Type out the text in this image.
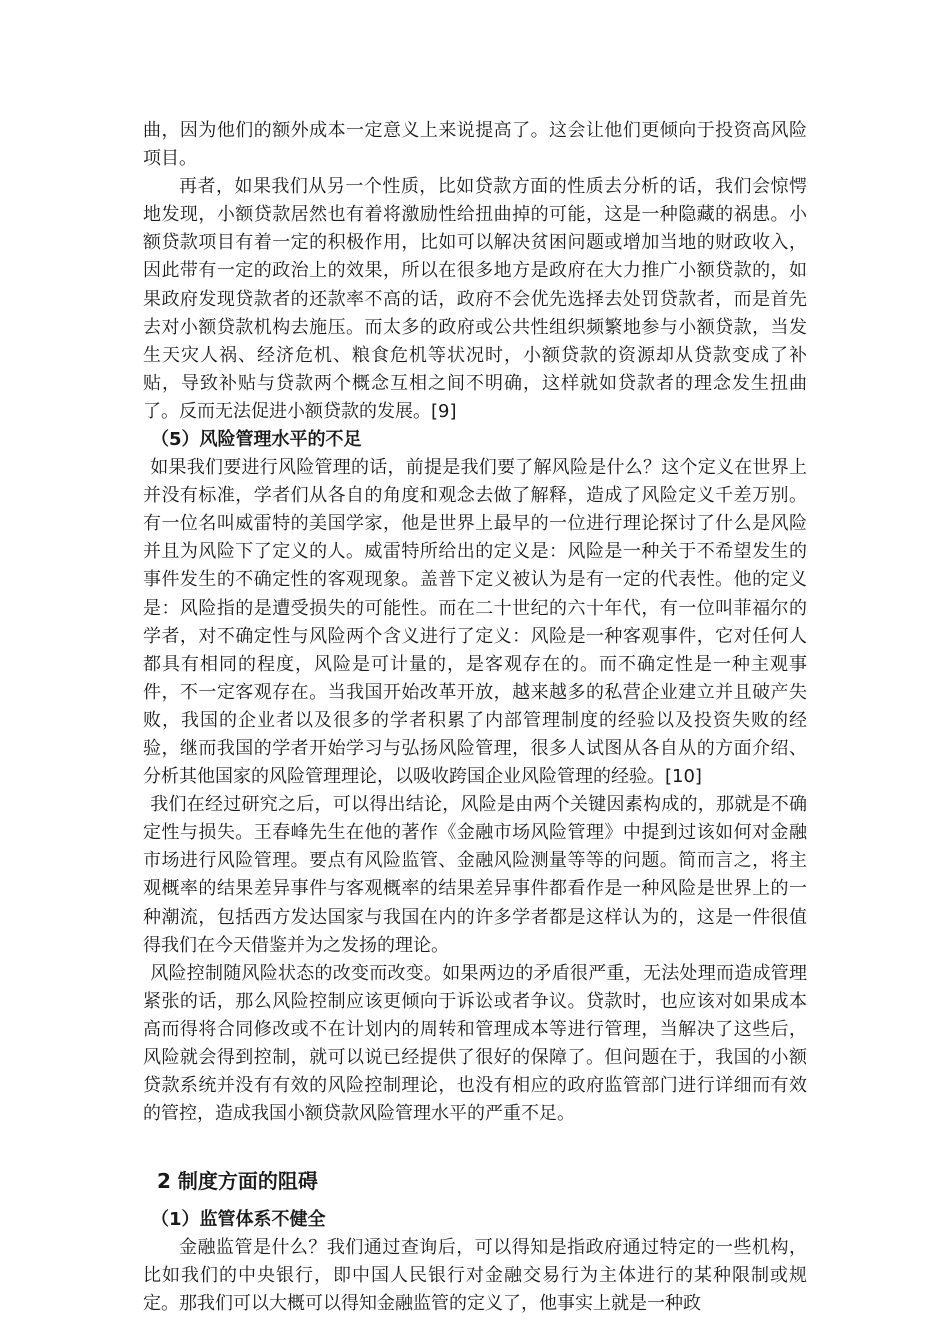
曲，因为他们的额外成本一定意义上来说提高了。这会让他们更倾向于投资高风险项目。

再者，如果我们从另一个性质，比如贷款方面的性质去分析的话，我们会惊愕地发现，小额贷款居然也有着将激励性给扭曲掉的可能，这是一种隐藏的祸患。小额贷款项目有着一定的积极作用，比如可以解决贫困问题或增加当地的财政收入，因此带有一定的政治上的效果，所以在很多地方是政府在大力推广小额贷款的，如果政府发现贷款者的还款率不高的话，政府不会优先选择去处罚贷款者，而是首先去对小额贷款机构去施压。而太多的政府或公共性组织频繁地参与小额贷款，当发生天灾人祸、经济危机、粮食危机等状况时，小额贷款的资源却从贷款变成了补贴，导致补贴与贷款两个概念互相之间不明确，这样就如贷款者的理念发生扭曲了。反而无法促进小额贷款的发展。[9]

（5）风险管理水平的不足

如果我们要进行风险管理的话，前提是我们要了解风险是什么？这个定义在世界上并没有标准，学者们从各自的角度和观念去做了解释，造成了风险定义千差万别。有一位名叫威雷特的美国学家，他是世界上最早的一位进行理论探讨了什么是风险并且为风险下了定义的人。威雷特所给出的定义是：风险是一种关于不希望发生的事件发生的不确定性的客观现象。盖普下定义被认为是有一定的代表性。他的定义是：风险指的是遭受损失的可能性。而在二十世纪的六十年代，有一位叫菲福尔的学者，对不确定性与风险两个含义进行了定义：风险是一种客观事件，它对任何人都具有相同的程度，风险是可计量的，是客观存在的。而不确定性是一种主观事件，不一定客观存在。当我国开始改革开放，越来越多的私营企业建立并且破产失败，我国的企业者以及很多的学者积累了内部管理制度的经验以及投资失败的经验，继而我国的学者开始学习与弘扬风险管理，很多人试图从各自从的方面介绍、分析其他国家的风险管理理论，以吸收跨国企业风险管理的经验。[10]

我们在经过研究之后，可以得出结论，风险是由两个关键因素构成的，那就是不确定性与损失。王春峰先生在他的著作《金融市场风险管理》中提到过该如何对金融市场进行风险管理。要点有风险监管、金融风险测量等等的问题。简而言之，将主观概率的结果差异事件与客观概率的结果差异事件都看作是一种风险是世界上的一种潮流，包括西方发达国家与我国在内的许多学者都是这样认为的，这是一件很值得我们在今天借鉴并为之发扬的理论。

风险控制随风险状态的改变而改变。如果两边的矛盾很严重，无法处理而造成管理紧张的话，那么风险控制应该更倾向于诉讼或者争议。贷款时，也应该对如果成本高而得将合同修改或不在计划内的周转和管理成本等进行管理，当解决了这些后，风险就会得到控制，就可以说已经提供了很好的保障了。但问题在于，我国的小额贷款系统并没有有效的风险控制理论，也没有相应的政府监管部门进行详细而有效的管控，造成我国小额贷款风险管理水平的严重不足。

2 制度方面的阻碍
（1）监管体系不健全

金融监管是什么？我们通过查询后，可以得知是指政府通过特定的一些机构，比如我们的中央银行，即中国人民银行对金融交易行为主体进行的某种限制或规定。那我们可以大概可以得知金融监管的定义了，他事实上就是一种政
